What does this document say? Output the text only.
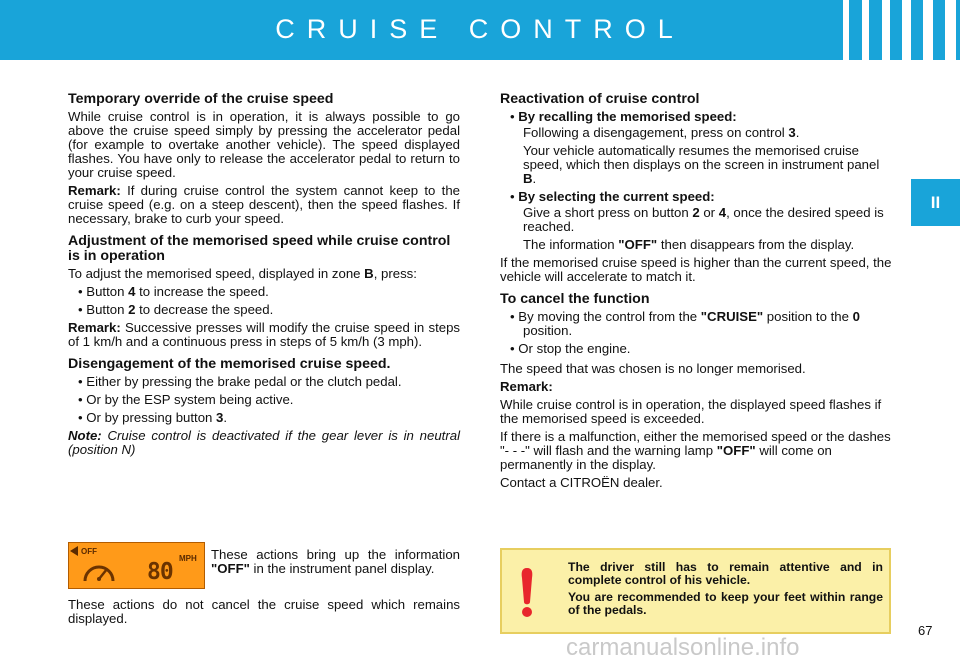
CRUISE CONTROL
II
Temporary override of the cruise speed

While cruise control is in operation, it is always possible to go above the cruise speed simply by pressing the accelerator pedal (for example to overtake another vehicle). The speed displayed flashes. You have only to release the accelerator pedal to return to your cruise speed.

Remark: If during cruise control the system cannot keep to the cruise speed (e.g. on a steep descent), then the speed flashes. If necessary, brake to curb your speed.

Adjustment of the memorised speed while cruise control is in operation

To adjust the memorised speed, displayed in zone B, press:

• Button 4 to increase the speed.

• Button 2 to decrease the speed.

Remark: Successive presses will modify the cruise speed in steps of 1 km/h and a continuous press in steps of 5 km/h (3 mph).

Disengagement of the memorised cruise speed.

• Either by pressing the brake pedal or the clutch pedal.

• Or by the ESP system being active.

• Or by pressing button 3.

Note: Cruise control is deactivated if the gear lever is in neutral (position N)

OFF
MPH
80

These actions bring up the information "OFF" in the instrument panel display.

These actions do not cancel the cruise speed which remains displayed.

Reactivation of cruise control

• By recalling the memorised speed:

Following a disengagement, press on control 3.

Your vehicle automatically resumes the memorised cruise speed, which then displays on the screen in instrument panel B.

• By selecting the current speed:

Give a short press on button 2 or 4, once the desired speed is reached.

The information "OFF" then disappears from the display.

If the memorised cruise speed is higher than the current speed, the vehicle will accelerate to match it.

To cancel the function

• By moving the control from the "CRUISE" position to the 0 position.

• Or stop the engine.

The speed that was chosen is no longer memorised.

Remark:

While cruise control is in operation, the displayed speed flashes if the memorised speed is exceeded.

If there is a malfunction, either the memorised speed or the dashes "- - -" will flash and the warning lamp "OFF" will come on permanently in the display.

Contact a CITROËN dealer.

The driver still has to remain attentive and in complete control of his vehicle.

You are recommended to keep your feet within range of the pedals.

67
carmanualsonline.info
